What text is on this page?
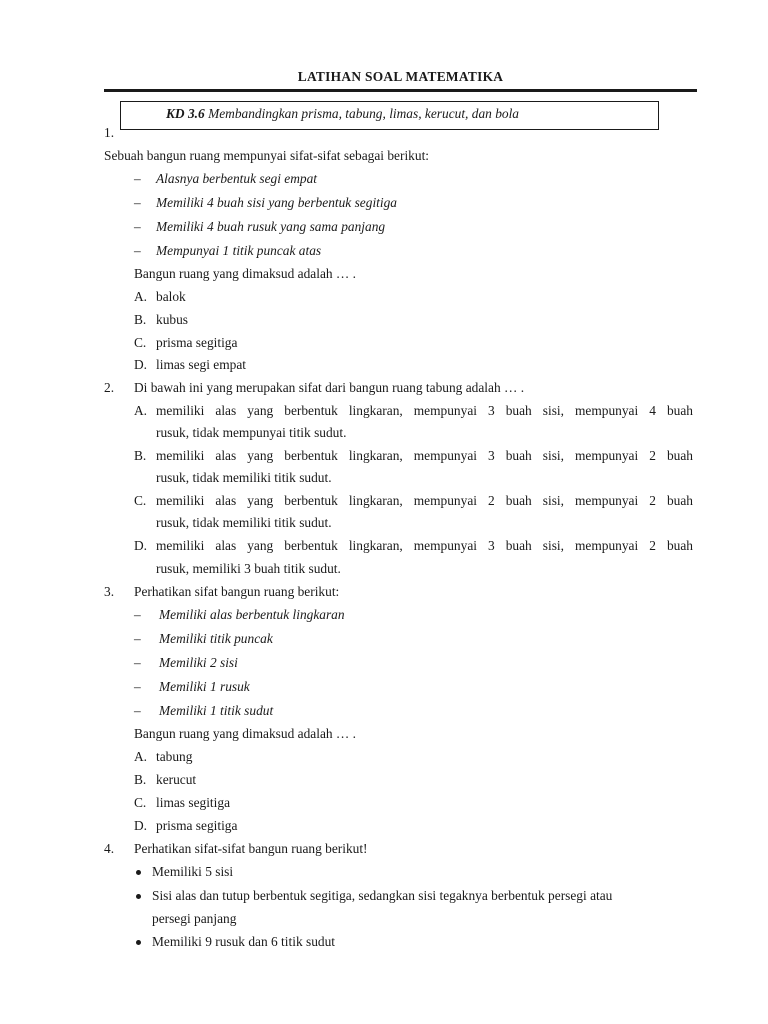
LATIHAN SOAL MATEMATIKA
KD 3.6 Membandingkan prisma, tabung, limas, kerucut, dan bola
1.
Sebuah bangun ruang mempunyai sifat-sifat sebagai berikut:
– Alasnya berbentuk segi empat
– Memiliki 4 buah sisi yang berbentuk segitiga
– Memiliki 4 buah rusuk yang sama panjang
– Mempunyai 1 titik puncak atas
Bangun ruang yang dimaksud adalah … .
A. balok
B. kubus
C. prisma segitiga
D. limas segi empat
2. Di bawah ini yang merupakan sifat dari bangun ruang tabung adalah … .
A. memiliki alas yang berbentuk lingkaran, mempunyai 3 buah sisi, mempunyai 4 buah
rusuk, tidak mempunyai titik sudut.
B. memiliki alas yang berbentuk lingkaran, mempunyai 3 buah sisi, mempunyai 2 buah
rusuk, tidak memiliki titik sudut.
C. memiliki alas yang berbentuk lingkaran, mempunyai 2 buah sisi, mempunyai 2 buah
rusuk, tidak memiliki titik sudut.
D. memiliki alas yang berbentuk lingkaran, mempunyai 3 buah sisi, mempunyai 2 buah
rusuk, memiliki 3 buah titik sudut.
3. Perhatikan sifat bangun ruang berikut:
– Memiliki alas berbentuk lingkaran
– Memiliki titik puncak
– Memiliki 2 sisi
– Memiliki 1 rusuk
– Memiliki 1 titik sudut
Bangun ruang yang dimaksud adalah … .
A. tabung
B. kerucut
C. limas segitiga
D. prisma segitiga
4. Perhatikan sifat-sifat bangun ruang berikut!
Memiliki 5 sisi
Sisi alas dan tutup berbentuk segitiga, sedangkan sisi tegaknya berbentuk persegi atau
persegi panjang
Memiliki 9 rusuk dan 6 titik sudut
